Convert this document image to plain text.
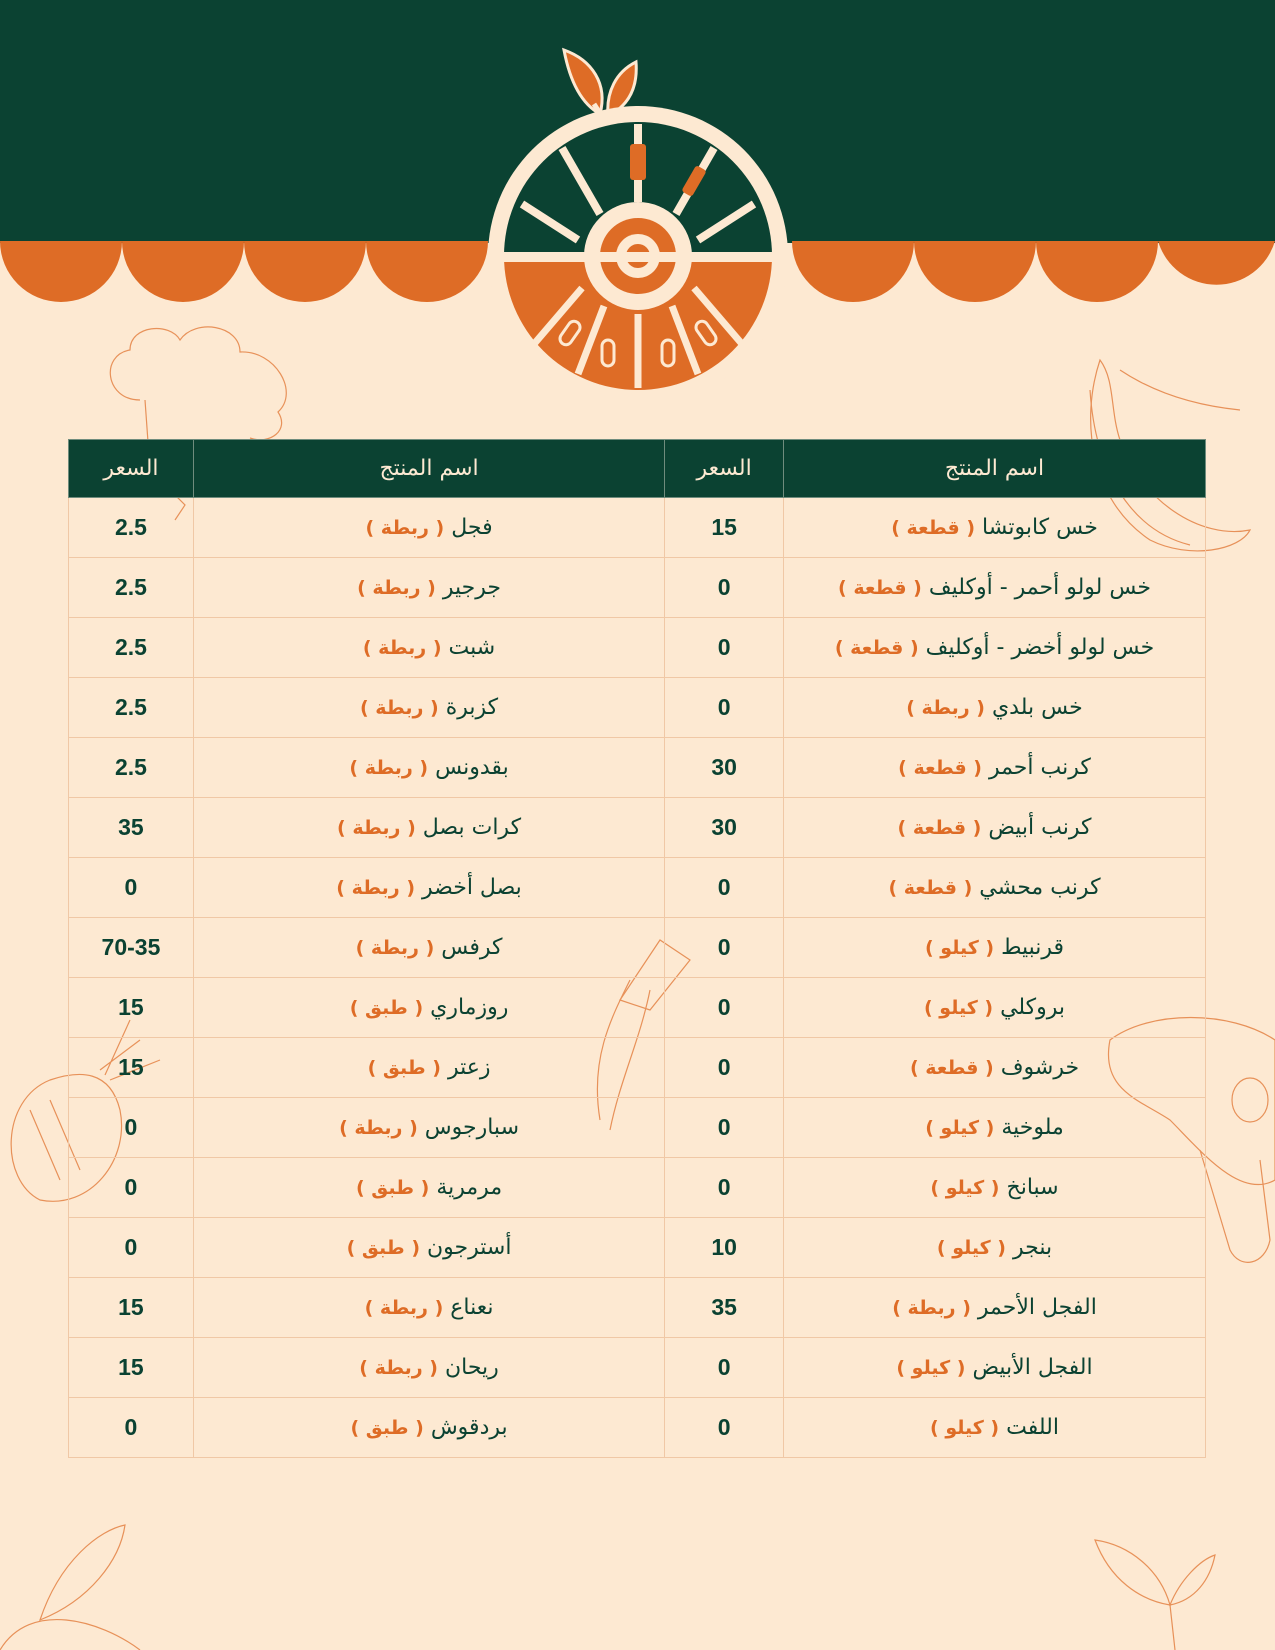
اسم المنتج	السعر	اسم المنتج	السعر
خس كابوتشا ( قطعة )	15	فجل ( ربطة )	2.5
خس لولو أحمر - أوكليف ( قطعة )	0	جرجير ( ربطة )	2.5
خس لولو أخضر - أوكليف ( قطعة )	0	شبت ( ربطة )	2.5
خس بلدي ( ربطة )	0	كزبرة ( ربطة )	2.5
كرنب أحمر ( قطعة )	30	بقدونس ( ربطة )	2.5
كرنب أبيض ( قطعة )	30	كرات بصل ( ربطة )	35
كرنب محشي ( قطعة )	0	بصل أخضر ( ربطة )	0
قرنبيط ( كيلو )	0	كرفس ( ربطة )	70-35
بروكلي ( كيلو )	0	روزماري ( طبق )	15
خرشوف ( قطعة )	0	زعتر ( طبق )	15
ملوخية ( كيلو )	0	سبارجوس ( ربطة )	0
سبانخ ( كيلو )	0	مرمرية ( طبق )	0
بنجر ( كيلو )	10	أسترجون ( طبق )	0
الفجل الأحمر ( ربطة )	35	نعناع ( ربطة )	15
الفجل الأبيض ( كيلو )	0	ريحان ( ربطة )	15
اللفت ( كيلو )	0	بردقوش ( طبق )	0
